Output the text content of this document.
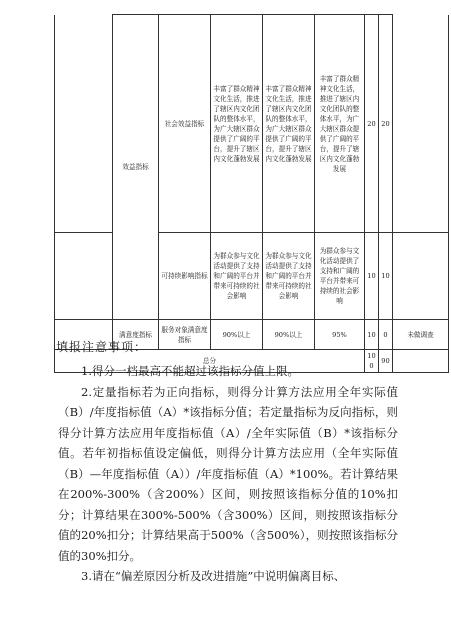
	效益指标	社会效益指标	丰富了群众精神文化生活，推进了辖区内文化团队的整体水平，为广大辖区群众提供了广阔的平台，提升了辖区内文化蓬勃发展	丰富了群众精神文化生活，推进了辖区内文化团队的整体水平，为广大辖区群众提供了广阔的平台，提升了辖区内文化蓬勃发展	丰富了群众精神文化生活，推进了辖区内文化团队的整体水平，为广大辖区群众提供了广阔的平台，提升了辖区内文化蓬勃发展	20	20	
		可持续影响指标	为群众参与文化活动提供了支持和广阔的平台并带来可持续的社会影响	为群众参与文化活动提供了支持和广阔的平台并带来可持续的社会影响	为群众参与文化活动提供了支持和广阔的平台并带来可持续的社会影响	10	10	
	满意度指标	服务对象满意度指标	90%以上	90%以上	95%	10	0	未做调查
总分						100	90	
填报注意事项：

1.得分一档最高不能超过该指标分值上限。

2.定量指标若为正向指标，则得分计算方法应用全年实际值（B）/年度指标值（A）*该指标分值；若定量指标为反向指标，则得分计算方法应用年度指标值（A）/全年实际值（B）*该指标分值。若年初指标值设定偏低，则得分计算方法应用（全年实际值（B）—年度指标值（A））/年度指标值（A）*100%。若计算结果在200%-300%（含200%）区间，则按照该指标分值的10%扣分；计算结果在300%-500%（含300%）区间，则按照该指标分值的20%扣分；计算结果高于500%（含500%），则按照该指标分值的30%扣分。

3.请在“偏差原因分析及改进措施”中说明偏离目标、
